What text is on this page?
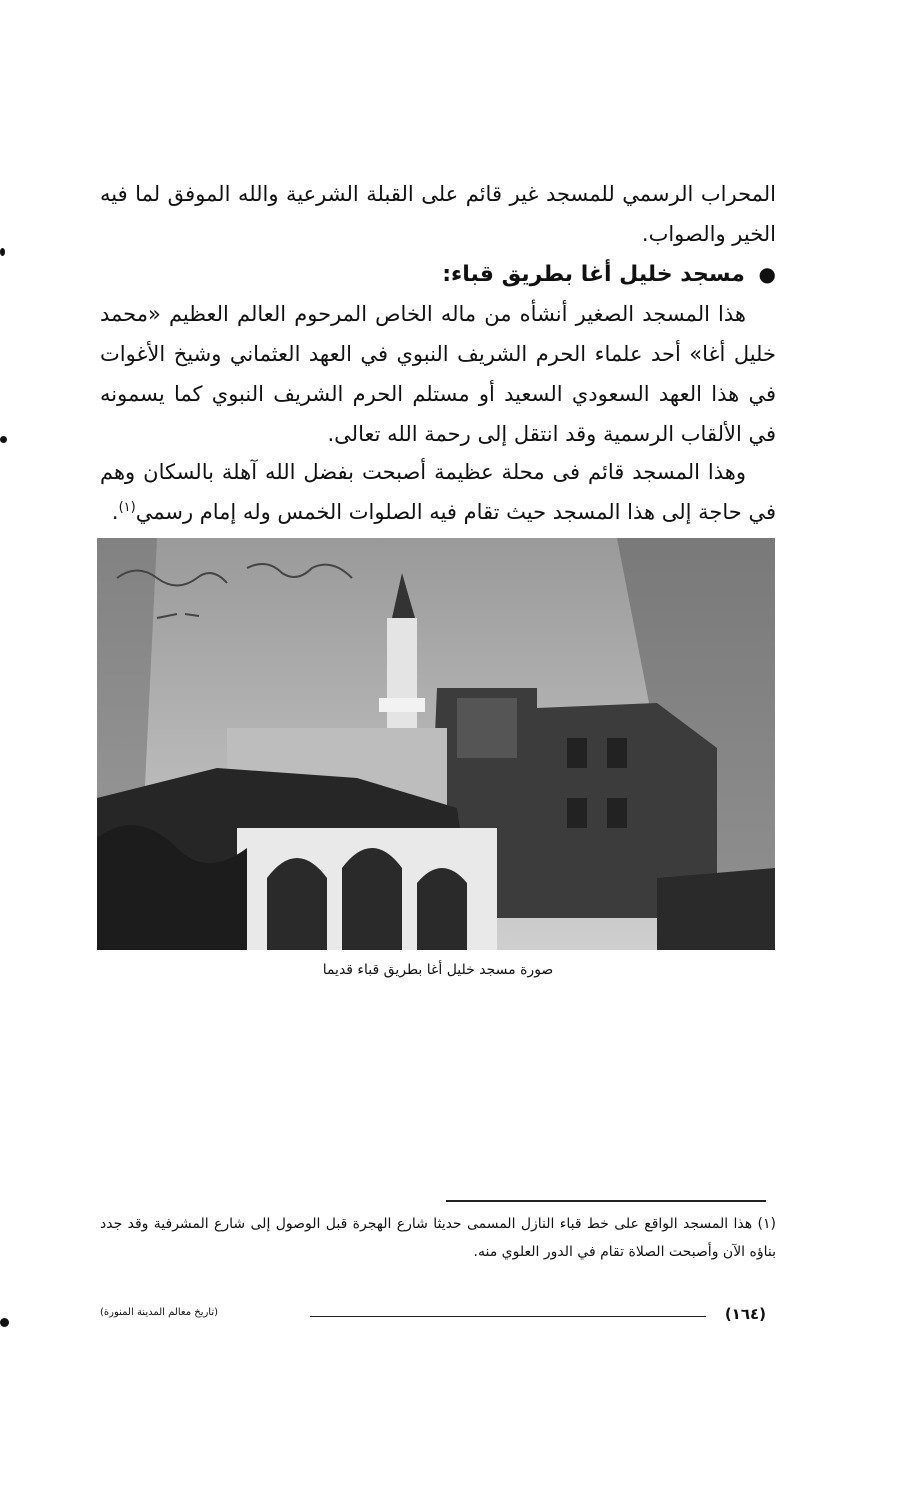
المحراب الرسمي للمسجد غير قائم على القبلة الشرعية والله الموفق لما فيه الخير والصواب.
● مسجد خليل أغا بطريق قباء:
هذا المسجد الصغير أنشأه من ماله الخاص المرحوم العالم العظيم «محمد خليل أغا» أحد علماء الحرم الشريف النبوي في العهد العثماني وشيخ الأغوات في هذا العهد السعودي السعيد أو مستلم الحرم الشريف النبوي كما يسمونه في الألقاب الرسمية وقد انتقل إلى رحمة الله تعالى.
وهذا المسجد قائم فى محلة عظيمة أصبحت بفضل الله آهلة بالسكان وهم في حاجة إلى هذا المسجد حيث تقام فيه الصلوات الخمس وله إمام رسمي$^{(١)}$.
صورة مسجد خليل أغا بطريق قباء قديما
(١) هذا المسجد الواقع على خط قباء النازل المسمى حديثا شارع الهجرة قبل الوصول إلى شارع المشرفية وقد جدد بناؤه الآن وأصبحت الصلاة تقام في الدور العلوي منه.
(١٦٤)
(تاريخ معالم المدينة المنورة)
